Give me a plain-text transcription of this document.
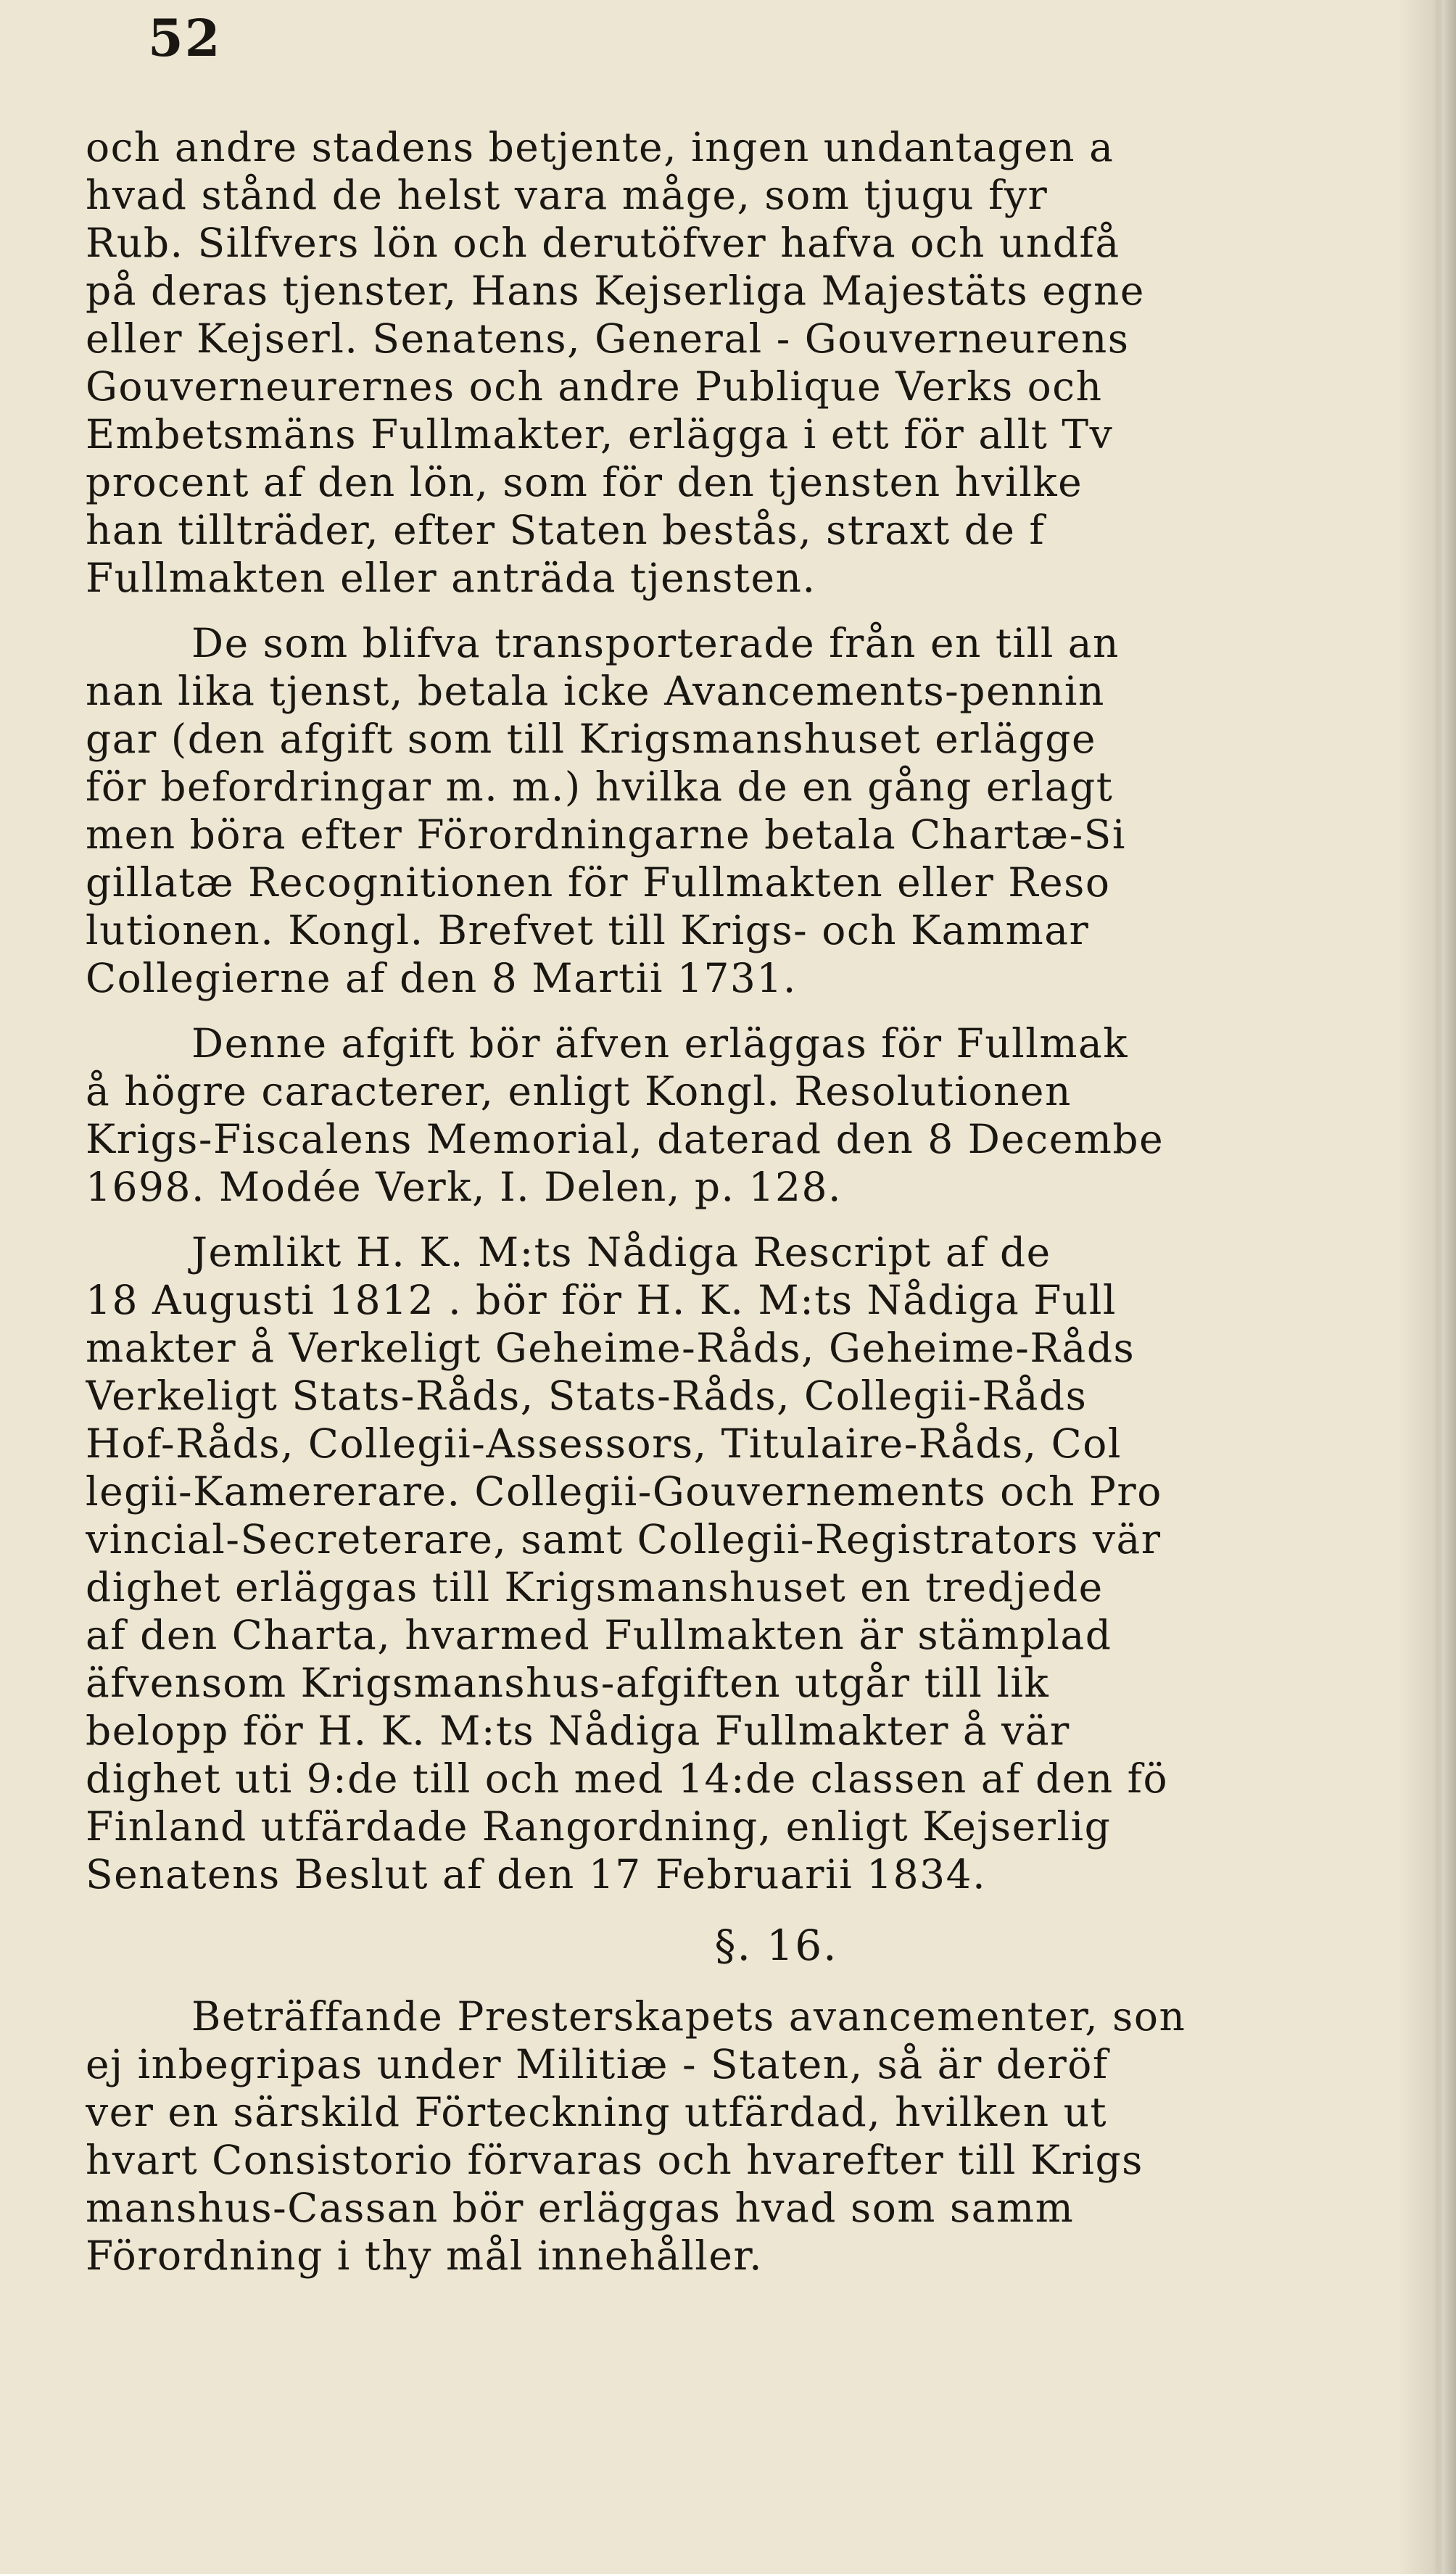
52
och andre stadens betjente, ingen undantagen a
hvad stånd de helst vara måge, som tjugu fyr
Rub. Silfvers lön och derutöfver hafva och undfå
på deras tjenster, Hans Kejserliga Majestäts egne
eller Kejserl. Senatens, General - Gouverneurens
Gouverneurernes och andre Publique Verks och
Embetsmäns Fullmakter, erlägga i ett för allt Tv
procent af den lön, som för den tjensten hvilke
han tillträder, efter Staten bestås, straxt de f
Fullmakten eller anträda tjensten.
De som blifva transporterade från en till an
nan lika tjenst, betala icke Avancements-pennin
gar (den afgift som till Krigsmanshuset erlägge
för befordringar m. m.) hvilka de en gång erlagt
men böra efter Förordningarne betala Chartæ-Si
gillatæ Recognitionen för Fullmakten eller Reso
lutionen. Kongl. Brefvet till Krigs- och Kammar
Collegierne af den 8 Martii 1731.
Denne afgift bör äfven erläggas för Fullmak
å högre caracterer, enligt Kongl. Resolutionen
Krigs-Fiscalens Memorial, daterad den 8 Decembe
1698. Modée Verk, I. Delen, p. 128.
Jemlikt H. K. M:ts Nådiga Rescript af de
18 Augusti 1812 . bör för H. K. M:ts Nådiga Full
makter å Verkeligt Geheime-Råds, Geheime-Råds
Verkeligt Stats-Råds, Stats-Råds, Collegii-Råds
Hof-Råds, Collegii-Assessors, Titulaire-Råds, Col
legii-Kamererare. Collegii-Gouvernements och Pro
vincial-Secreterare, samt Collegii-Registrators vär
dighet erläggas till Krigsmanshuset en tredjede
af den Charta, hvarmed Fullmakten är stämplad
äfvensom Krigsmanshus-afgiften utgår till lik
belopp för H. K. M:ts Nådiga Fullmakter å vär
dighet uti 9:de till och med 14:de classen af den fö
Finland utfärdade Rangordning, enligt Kejserlig
Senatens Beslut af den 17 Februarii 1834.
§. 16.
Beträffande Presterskapets avancementer, son
ej inbegripas under Militiæ - Staten, så är deröf
ver en särskild Förteckning utfärdad, hvilken ut
hvart Consistorio förvaras och hvarefter till Krigs
manshus-Cassan bör erläggas hvad som samm
Förordning i thy mål innehåller.
